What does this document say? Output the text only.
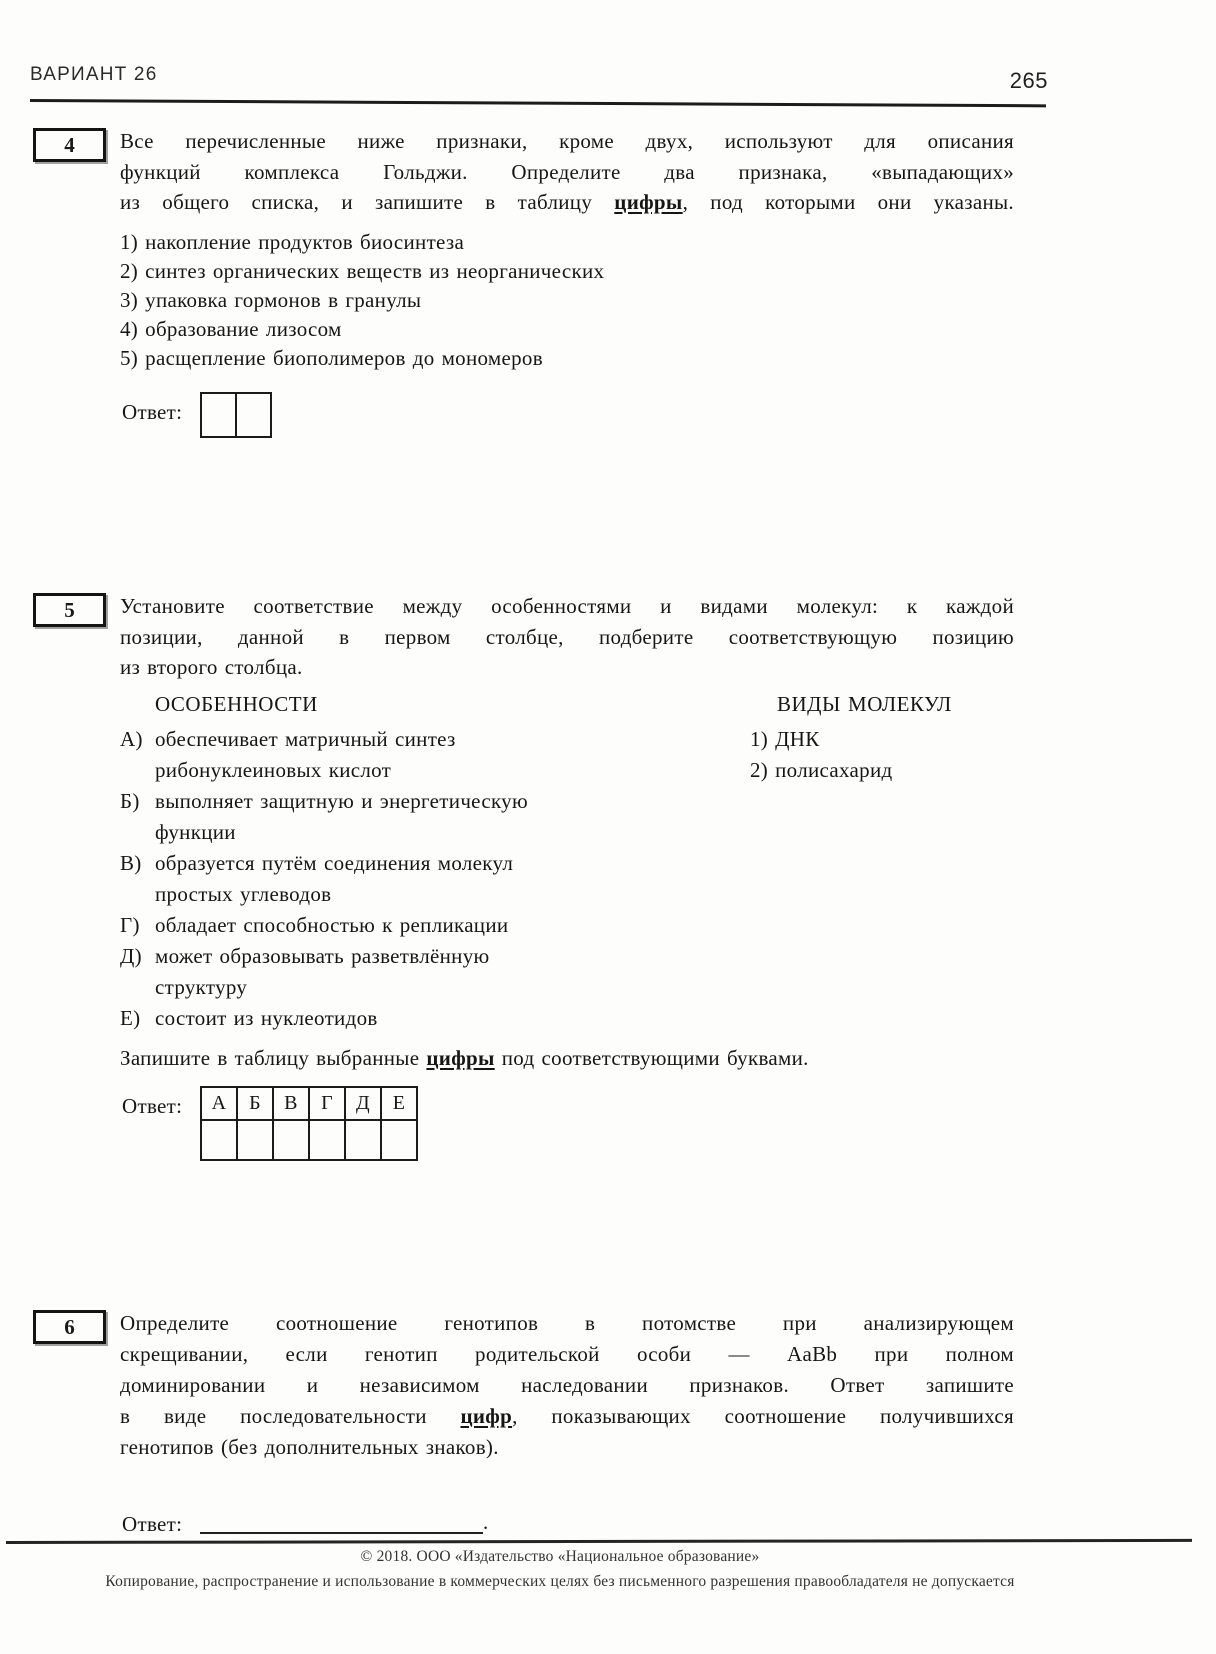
ВАРИАНТ 26	265
4 Все перечисленные ниже признаки, кроме двух, используют для описания
функций комплекса Гольджи. Определите два признака, «выпадающих»
из общего списка, и запишите в таблицу цифры, под которыми они указаны.
1) накопление продуктов биосинтеза
2) синтез органических веществ из неорганических
3) упаковка гормонов в гранулы
4) образование лизосом
5) расщепление биополимеров до мономеров
Ответ:
5 Установите соответствие между особенностями и видами молекул: к каждой
позиции, данной в первом столбце, подберите соответствующую позицию
из второго столбца.
ОСОБЕННОСТИ	ВИДЫ МОЛЕКУЛ
А) обеспечивает матричный синтез
рибонуклеиновых кислот
Б) выполняет защитную и энергетическую
функции
В) образуется путём соединения молекул
простых углеводов
Г) обладает способностью к репликации
Д) может образовывать разветвлённую
структуру
Е) состоит из нуклеотидов
1) ДНК
2) полисахарид
Запишите в таблицу выбранные цифры под соответствующими буквами.
Ответ:	А	Б	В	Г	Д	Е

6 Определите соотношение генотипов в потомстве при анализирующем
скрещивании, если генотип родительской особи — AaBb при полном
доминировании и независимом наследовании признаков. Ответ запишите
в виде последовательности цифр, показывающих соотношение получившихся
генотипов (без дополнительных знаков).
Ответ:	.
© 2018. ООО «Издательство «Национальное образование»
Копирование, распространение и использование в коммерческих целях без письменного разрешения правообладателя не допускается
